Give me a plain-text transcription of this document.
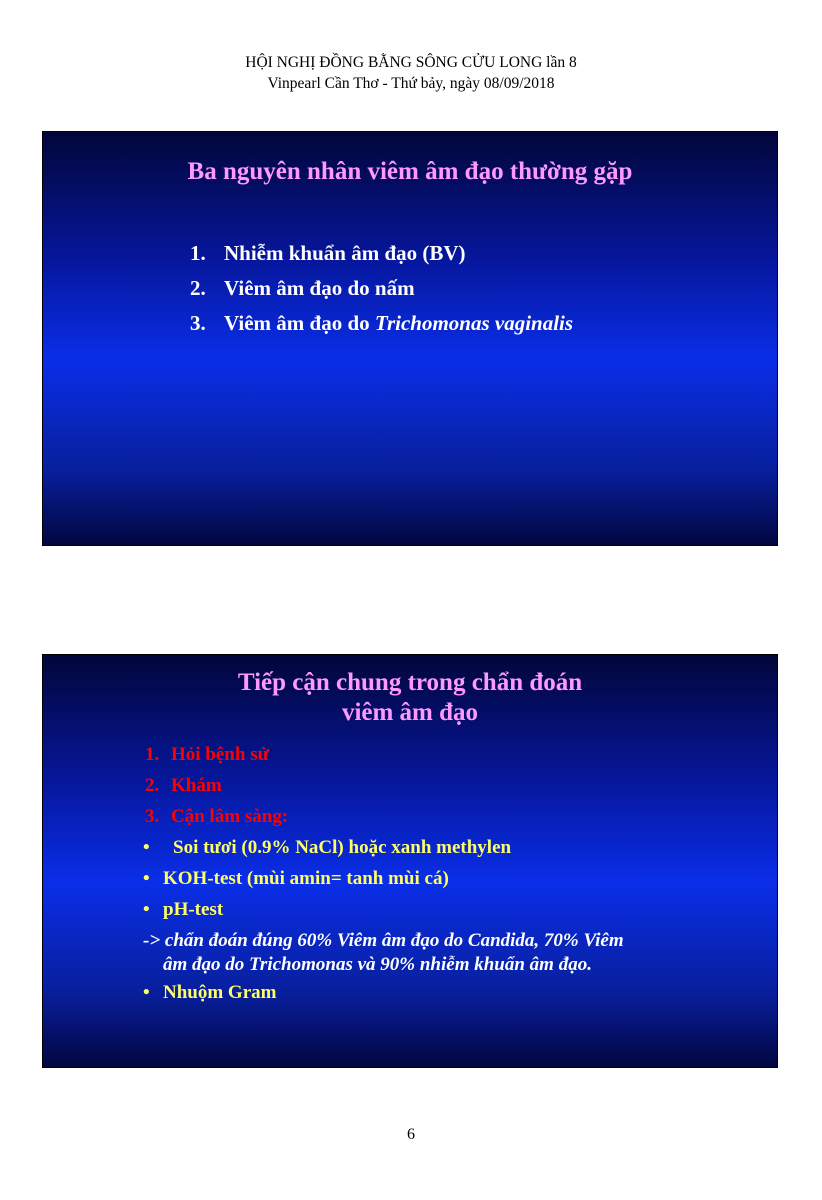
HỘI NGHỊ ĐỒNG BẰNG SÔNG CỬU LONG lần 8
Vinpearl Cần Thơ - Thứ bảy, ngày 08/09/2018
Ba nguyên nhân viêm âm đạo thường gặp
1. Nhiễm khuẩn âm đạo (BV)
2. Viêm âm đạo do nấm
3. Viêm âm đạo do Trichomonas vaginalis
Tiếp cận chung trong chẩn đoán
viêm âm đạo
1. Hỏi bệnh sử
2. Khám
3. Cận lâm sàng:
• Soi tươi (0.9% NaCl) hoặc xanh methylen
• KOH-test (mùi amin= tanh mùi cá)
• pH-test
-> chẩn đoán đúng 60% Viêm âm đạo do Candida, 70% Viêm
âm đạo do Trichomonas và 90% nhiễm khuẩn âm đạo.
• Nhuộm Gram
6
